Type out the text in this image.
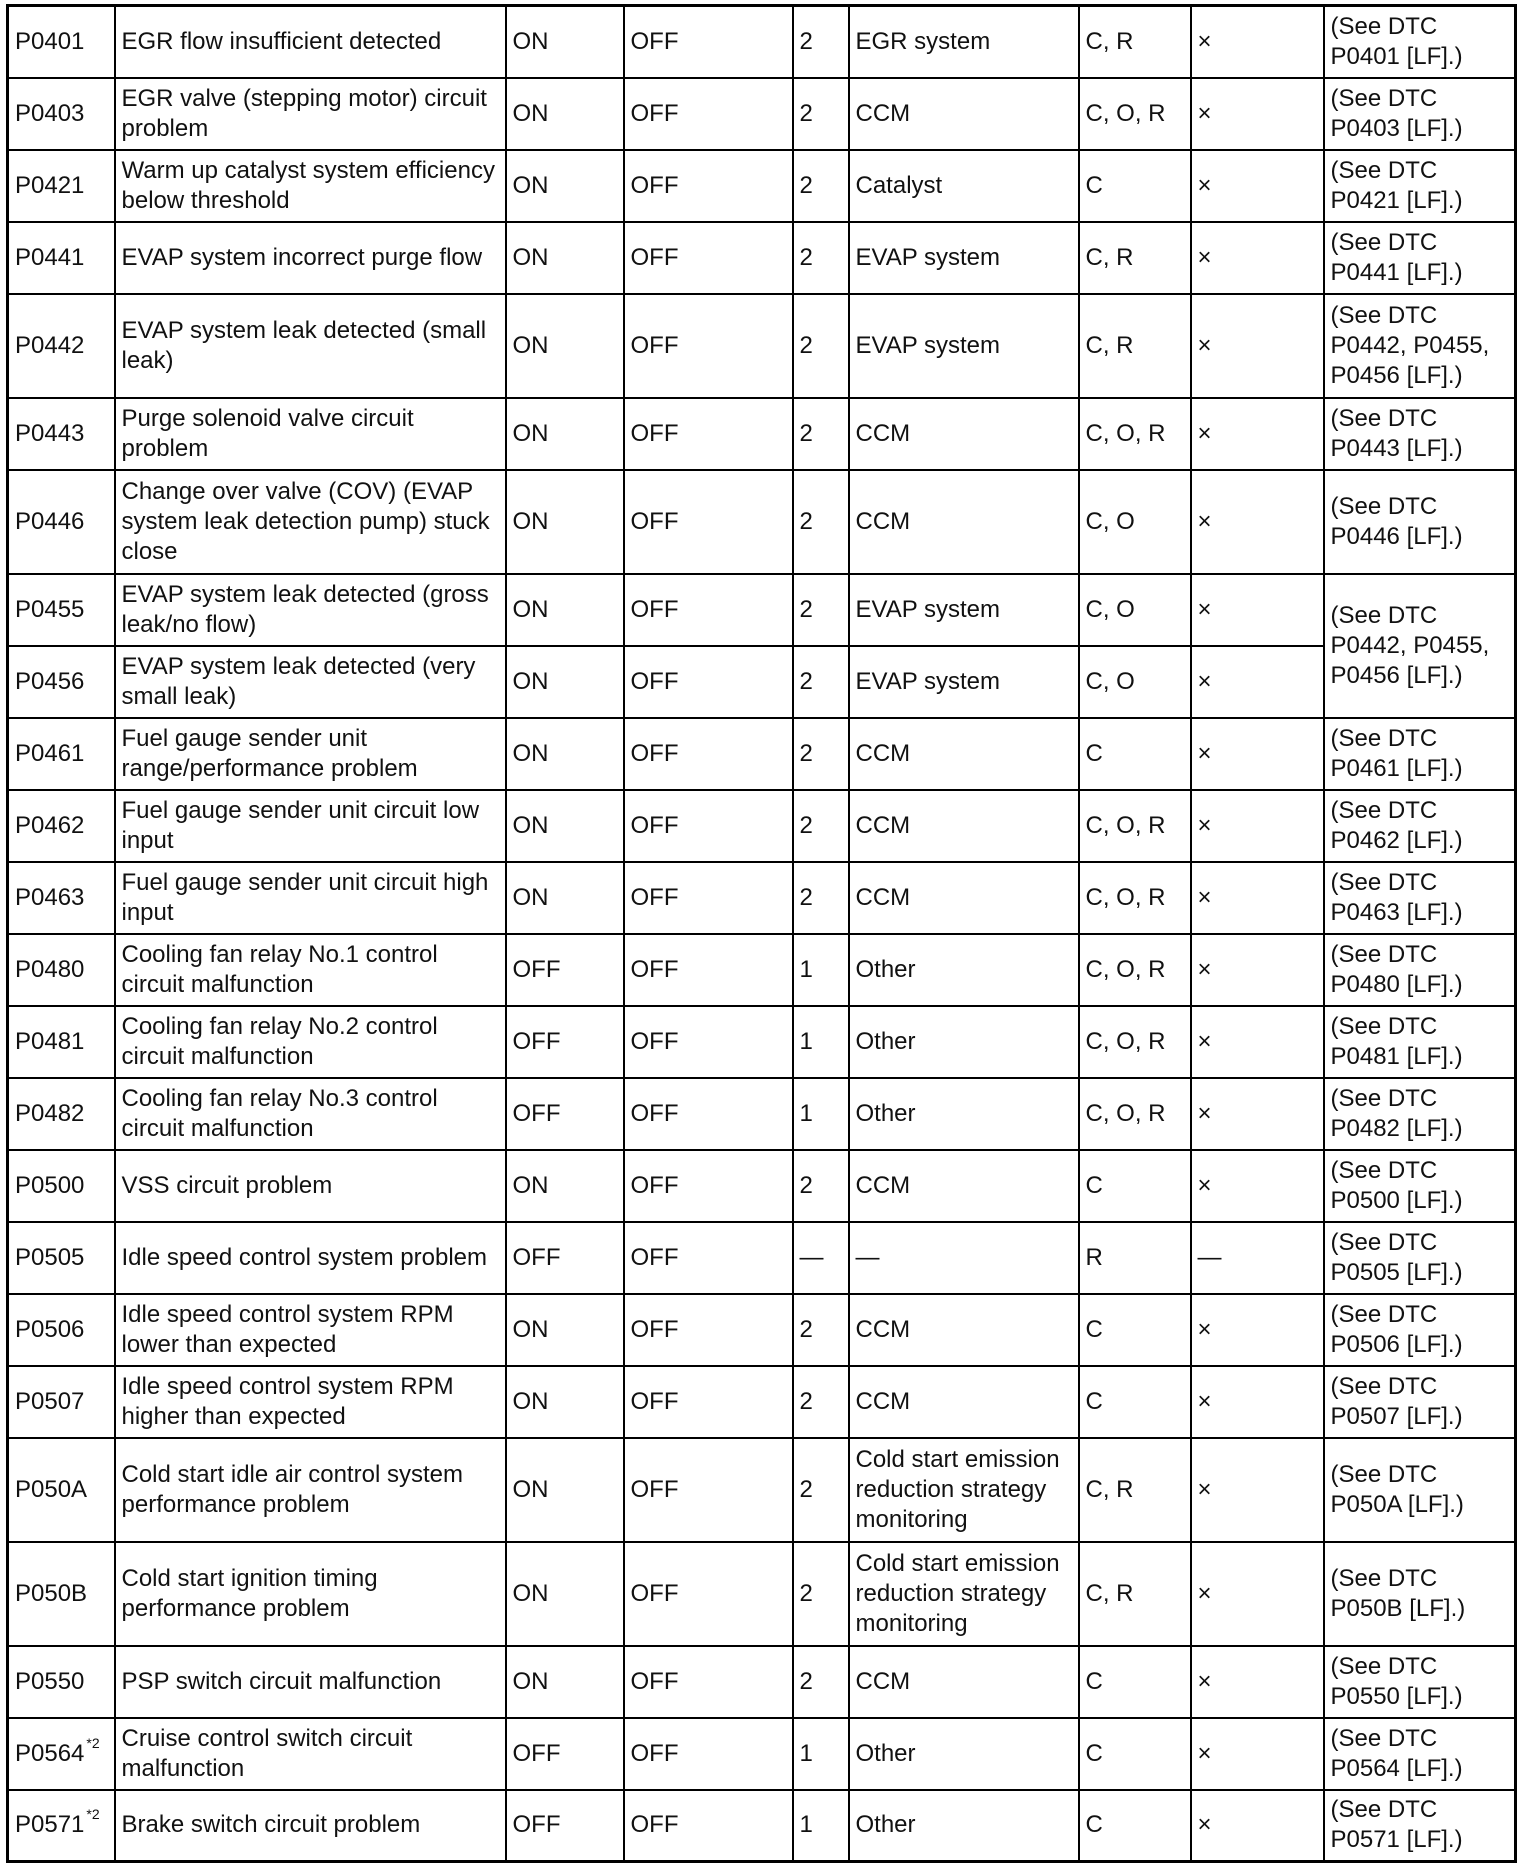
P0401	EGR flow insufficient detected	ON	OFF	2	EGR system	C, R	×	(See DTC P0401 [LF].)
P0403	EGR valve (stepping motor) circuit problem	ON	OFF	2	CCM	C, O, R	×	(See DTC P0403 [LF].)
P0421	Warm up catalyst system efficiency below threshold	ON	OFF	2	Catalyst	C	×	(See DTC P0421 [LF].)
P0441	EVAP system incorrect purge flow	ON	OFF	2	EVAP system	C, R	×	(See DTC P0441 [LF].)
P0442	EVAP system leak detected (small leak)	ON	OFF	2	EVAP system	C, R	×	(See DTC P0442, P0455, P0456 [LF].)
P0443	Purge solenoid valve circuit problem	ON	OFF	2	CCM	C, O, R	×	(See DTC P0443 [LF].)
P0446	Change over valve (COV) (EVAP system leak detection pump) stuck close	ON	OFF	2	CCM	C, O	×	(See DTC P0446 [LF].)
P0455	EVAP system leak detected (gross leak/no flow)	ON	OFF	2	EVAP system	C, O	×	(See DTC P0442, P0455, P0456 [LF].)
P0456	EVAP system leak detected (very small leak)	ON	OFF	2	EVAP system	C, O	×	
P0461	Fuel gauge sender unit range/performance problem	ON	OFF	2	CCM	C	×	(See DTC P0461 [LF].)
P0462	Fuel gauge sender unit circuit low input	ON	OFF	2	CCM	C, O, R	×	(See DTC P0462 [LF].)
P0463	Fuel gauge sender unit circuit high input	ON	OFF	2	CCM	C, O, R	×	(See DTC P0463 [LF].)
P0480	Cooling fan relay No.1 control circuit malfunction	OFF	OFF	1	Other	C, O, R	×	(See DTC P0480 [LF].)
P0481	Cooling fan relay No.2 control circuit malfunction	OFF	OFF	1	Other	C, O, R	×	(See DTC P0481 [LF].)
P0482	Cooling fan relay No.3 control circuit malfunction	OFF	OFF	1	Other	C, O, R	×	(See DTC P0482 [LF].)
P0500	VSS circuit problem	ON	OFF	2	CCM	C	×	(See DTC P0500 [LF].)
P0505	Idle speed control system problem	OFF	OFF	—	—	R	—	(See DTC P0505 [LF].)
P0506	Idle speed control system RPM lower than expected	ON	OFF	2	CCM	C	×	(See DTC P0506 [LF].)
P0507	Idle speed control system RPM higher than expected	ON	OFF	2	CCM	C	×	(See DTC P0507 [LF].)
P050A	Cold start idle air control system performance problem	ON	OFF	2	Cold start emission reduction strategy monitoring	C, R	×	(See DTC P050A [LF].)
P050B	Cold start ignition timing performance problem	ON	OFF	2	Cold start emission reduction strategy monitoring	C, R	×	(See DTC P050B [LF].)
P0550	PSP switch circuit malfunction	ON	OFF	2	CCM	C	×	(See DTC P0550 [LF].)
P0564 $^{*2}$	Cruise control switch circuit malfunction	OFF	OFF	1	Other	C	×	(See DTC P0564 [LF].)
P0571 $^{*2}$	Brake switch circuit problem	OFF	OFF	1	Other	C	×	(See DTC P0571 [LF].)
